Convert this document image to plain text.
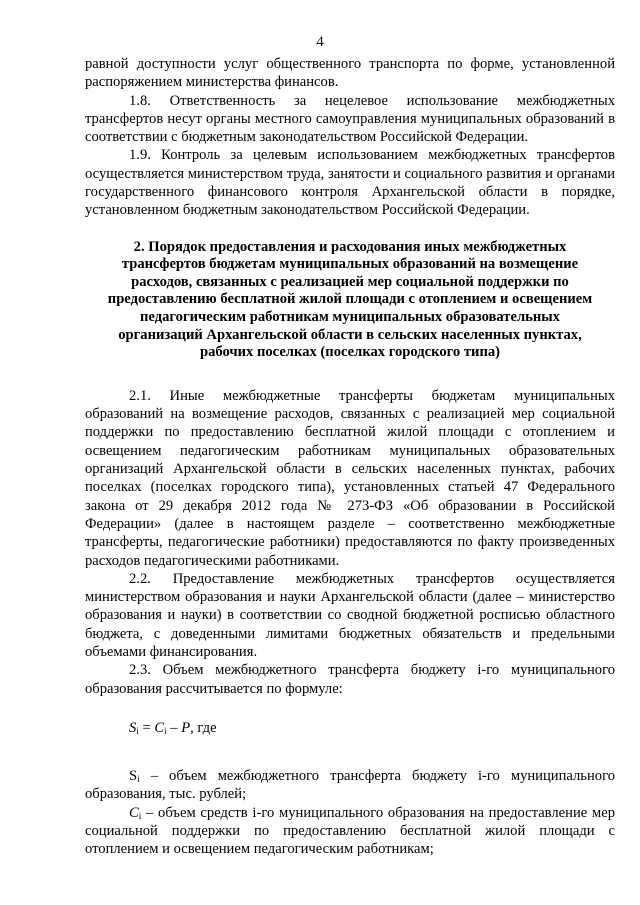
4

равной доступности услуг общественного транспорта по форме, установленной распоряжением министерства финансов.

1.8. Ответственность за нецелевое использование межбюджетных трансфертов несут органы местного самоуправления муниципальных образований в соответствии с бюджетным законодательством Российской Федерации.

1.9. Контроль за целевым использованием межбюджетных трансфертов осуществляется министерством труда, занятости и социального развития и органами государственного финансового контроля Архангельской области в порядке, установленном бюджетным законодательством Российской Федерации.

2. Порядок предоставления и расходования иных межбюджетных трансфертов бюджетам муниципальных образований на возмещение расходов, связанных с реализацией мер социальной поддержки по предоставлению бесплатной жилой площади с отоплением и освещением педагогическим работникам муниципальных образовательных организаций Архангельской области в сельских населенных пунктах, рабочих поселках (поселках городского типа)

2.1. Иные межбюджетные трансферты бюджетам муниципальных образований на возмещение расходов, связанных с реализацией мер социальной поддержки по предоставлению бесплатной жилой площади с отоплением и освещением педагогическим работникам муниципальных образовательных организаций Архангельской области в сельских населенных пунктах, рабочих поселках (поселках городского типа), установленных статьей 47 Федерального закона от 29 декабря 2012 года № 273-ФЗ «Об образовании в Российской Федерации» (далее в настоящем разделе – соответственно межбюджетные трансферты, педагогические работники) предоставляются по факту произведенных расходов педагогическими работниками.

2.2. Предоставление межбюджетных трансфертов осуществляется министерством образования и науки Архангельской области (далее – министерство образования и науки) в соответствии со сводной бюджетной росписью областного бюджета, с доведенными лимитами бюджетных обязательств и предельными объемами финансирования.

2.3. Объем межбюджетного трансферта бюджету i-го муниципального образования рассчитывается по формуле:

$S_i = C_i - P$, где

$S_i$ – объем межбюджетного трансферта бюджету i-го муниципального образования, тыс. рублей;

$C_i$ – объем средств i-го муниципального образования на предоставление мер социальной поддержки по предоставлению бесплатной жилой площади с отоплением и освещением педагогическим работникам;
